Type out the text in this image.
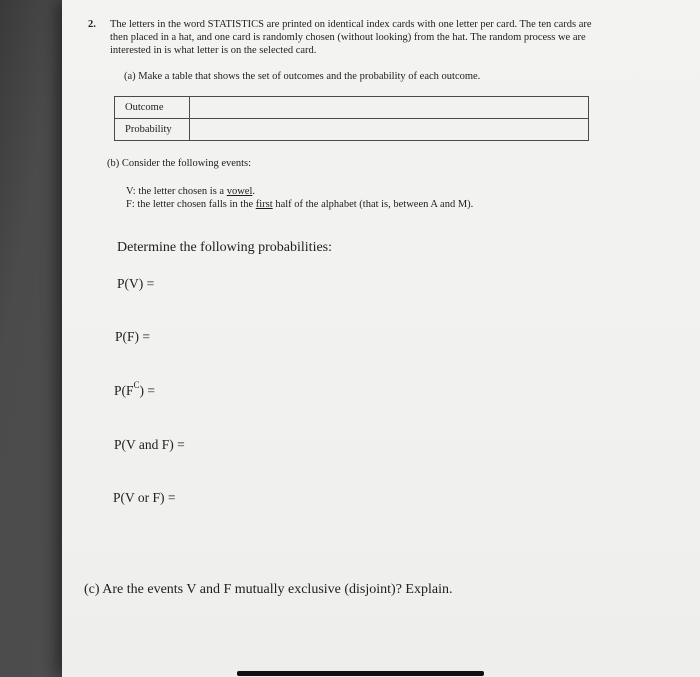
2. The letters in the word STATISTICS are printed on identical index cards with one letter per card. The ten cards are
then placed in a hat, and one card is randomly chosen (without looking) from the hat. The random process we are
interested in is what letter is on the selected card.
(a) Make a table that shows the set of outcomes and the probability of each outcome.
Outcome	
Probability	
(b) Consider the following events:
V: the letter chosen is a vowel.
F: the letter chosen falls in the first half of the alphabet (that is, between A and M).
Determine the following probabilities:
P(V) =
P(F) =
$P(F^C)$ =
P(V and F) =
P(V or F) =
(c) Are the events V and F mutually exclusive (disjoint)? Explain.
